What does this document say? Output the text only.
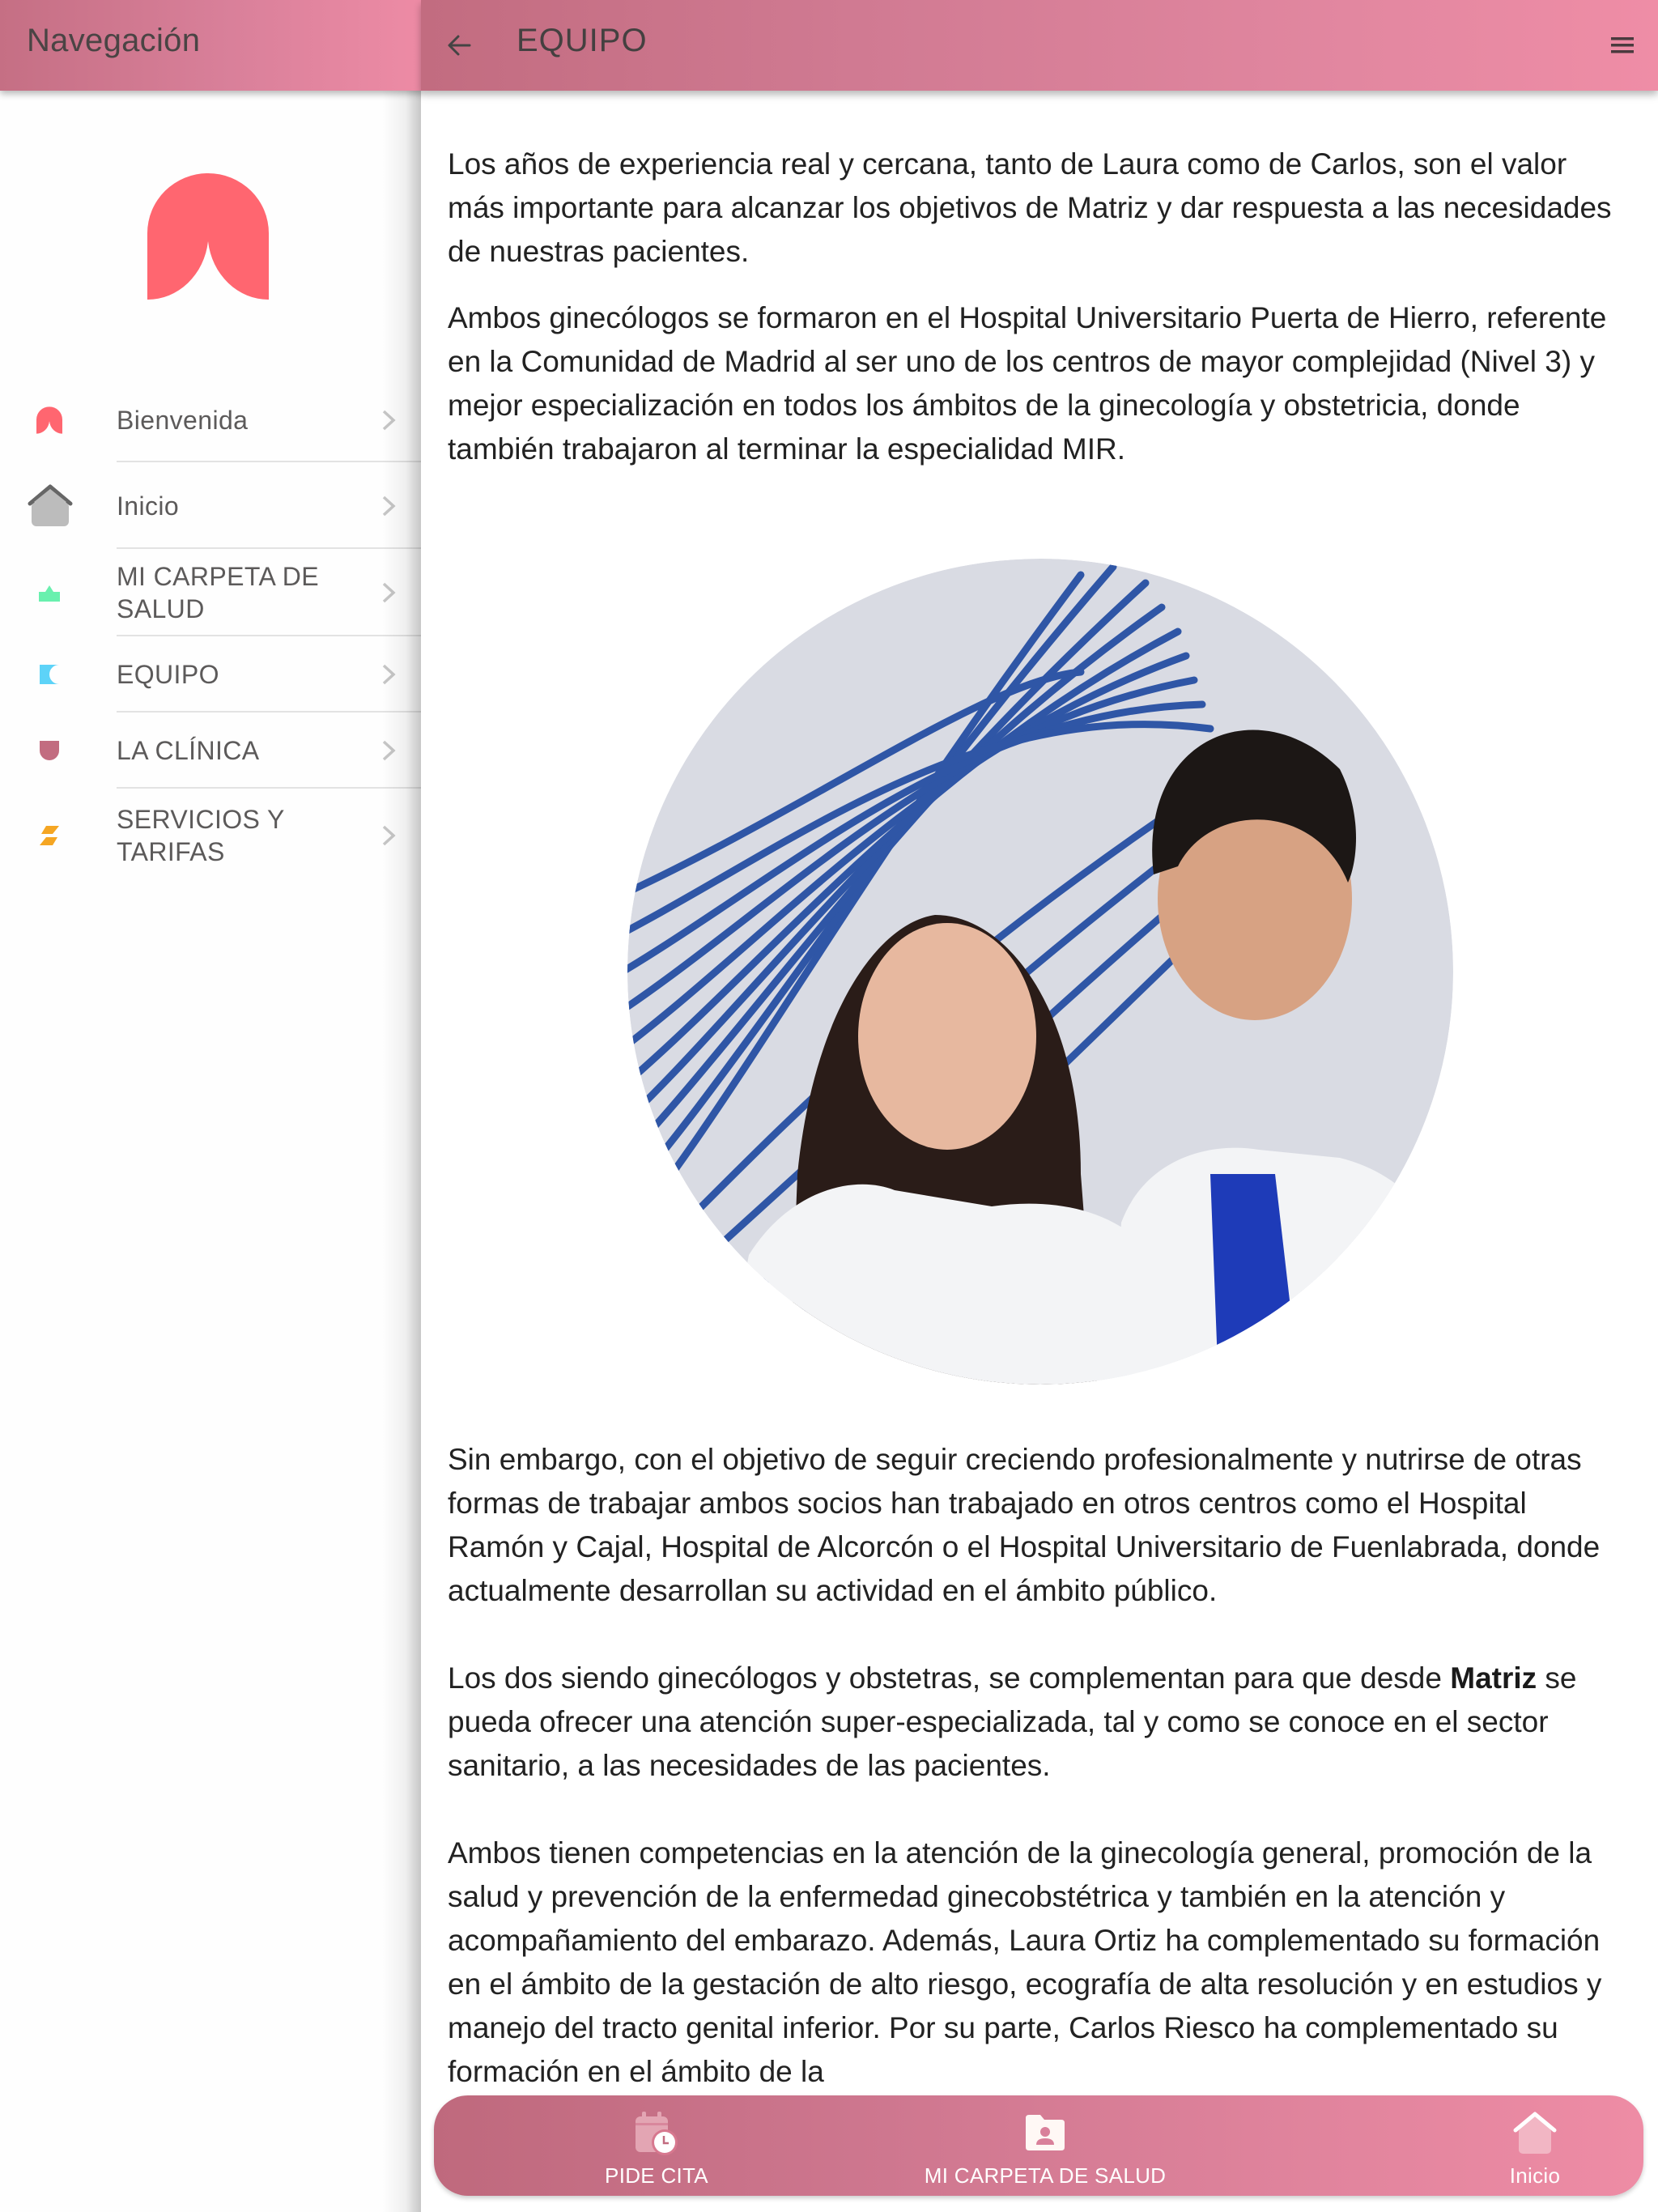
Navegación
Bienvenida
Inicio
MI CARPETA DE SALUD
EQUIPO
LA CLÍNICA
SERVICIOS Y TARIFAS
EQUIPO

Los años de experiencia real y cercana, tanto de Laura como de Carlos, son el valor más importante para alcanzar los objetivos de Matriz y dar respuesta a las necesidades de nuestras pacientes.

Ambos ginecólogos se formaron en el Hospital Universitario Puerta de Hierro, referente en la Comunidad de Madrid al ser uno de los centros de mayor complejidad (Nivel 3) y mejor especialización en todos los ámbitos de la ginecología y obstetricia, donde también trabajaron al terminar la especialidad MIR.

Sin embargo, con el objetivo de seguir creciendo profesionalmente y nutrirse de otras formas de trabajar ambos socios han trabajado en otros centros como el Hospital Ramón y Cajal, Hospital de Alcorcón o el Hospital Universitario de Fuenlabrada, donde actualmente desarrollan su actividad en el ámbito público.

Los dos siendo ginecólogos y obstetras, se complementan para que desde Matriz se pueda ofrecer una atención super-especializada, tal y como se conoce en el sector sanitario, a las necesidades de las pacientes.

Ambos tienen competencias en la atención de la ginecología general, promoción de la salud y prevención de la enfermedad ginecobstétrica y también en la atención y acompañamiento del embarazo. Además, Laura Ortiz ha complementado su formación en el ámbito de la gestación de alto riesgo, ecografía de alta resolución y en estudios y manejo del tracto genital inferior. Por su parte, Carlos Riesco ha complementado su formación en el ámbito de la

PIDE CITA	MI CARPETA DE SALUD	Inicio
